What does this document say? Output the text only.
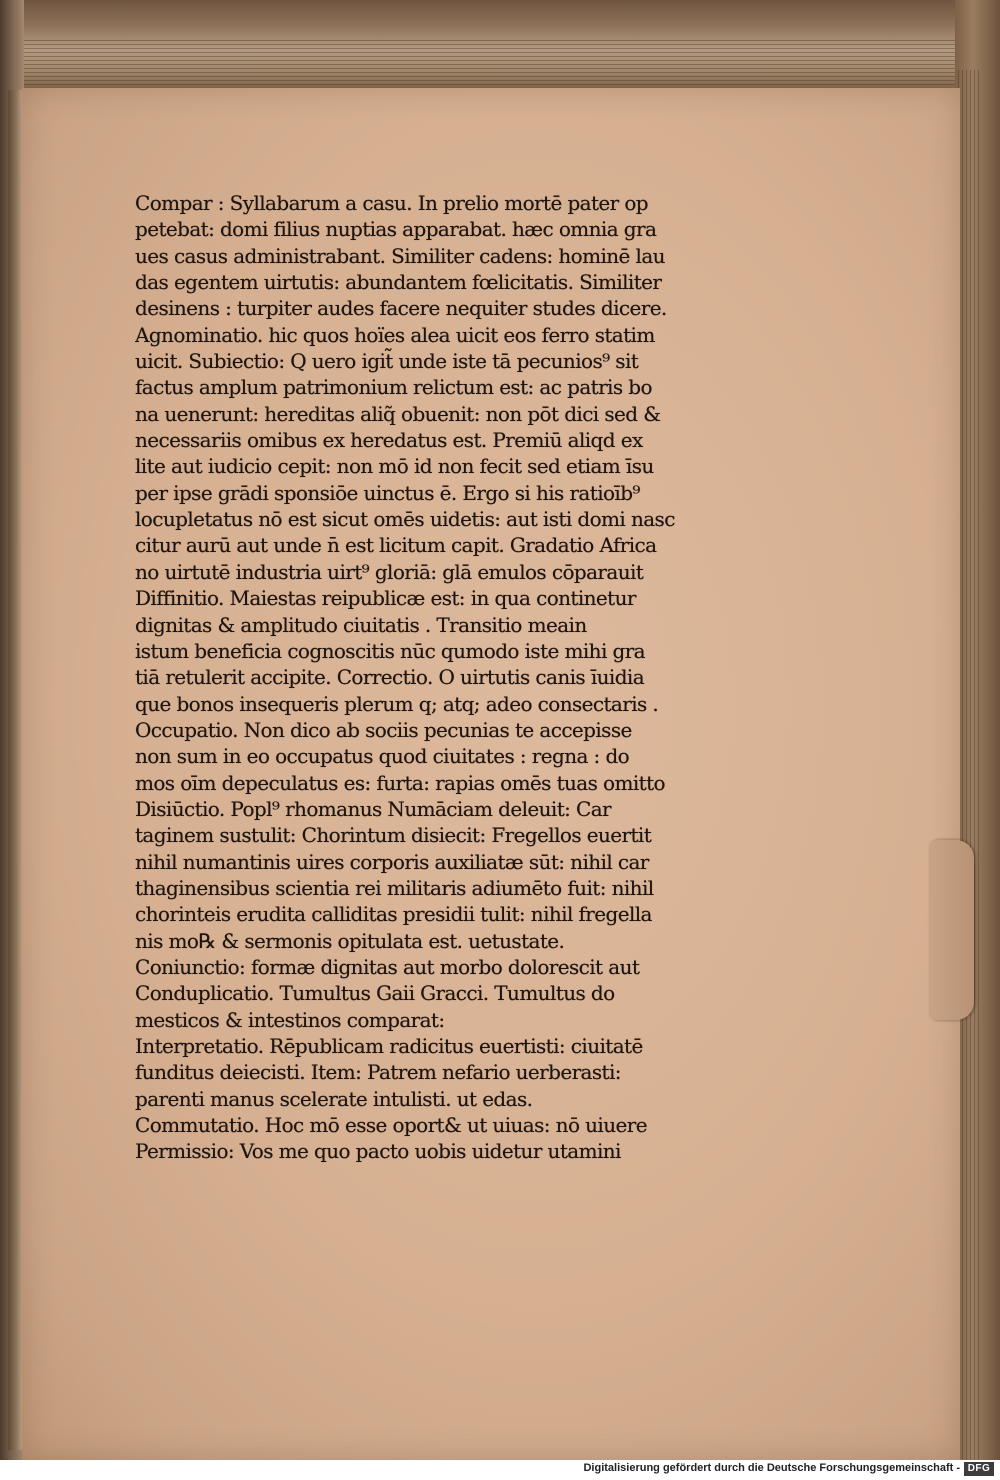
Compar : Syllabarum a casu. In prelio mortē pater op
petebat: domi filius nuptias apparabat. hæc omnia gra
ues casus administrabant. Similiter cadens: hominē lau
das egentem uirtutis: abundantem fœlicitatis. Similiter
desinens : turpiter audes facere nequiter studes dicere.
Agnominatio. hic quos hoïes alea uicit eos ferro statim
uicit. Subiectio: Q uero igit̃ unde iste tā pecunios⁹ sit
factus amplum patrimonium relictum est: ac patris bo
na uenerunt: hereditas aliq̃ obuenit: non pōt dici sed &
necessariis omibus ex heredatus est. Premiū aliqd ex
lite aut iudicio cepit: non mō id non fecit sed etiam īsu
per ipse grādi sponsiōe uinctus ē. Ergo si his ratioīb⁹
locupletatus nō est sicut omēs uidetis: aut isti domi nasc
citur aurū aut unde n̄ est licitum capit. Gradatio Africa
no uirtutē industria uirt⁹ gloriā: glā emulos cōparauit
Diffinitio. Maiestas reipublicæ est: in qua continetur
dignitas & amplitudo ciuitatis . Transitio meain
istum beneficia cognoscitis nūc qumodo iste mihi gra
tiā retulerit accipite. Correctio. O uirtutis canis īuidia
que bonos insequeris plerum q; atq; adeo consectaris .
Occupatio. Non dico ab sociis pecunias te accepisse
non sum in eo occupatus quod ciuitates : regna : do
mos oīm depeculatus es: furta: rapias omēs tuas omitto
Disiūctio. Popl⁹ rhomanus Numāciam deleuit: Car
taginem sustulit: Chorintum disiecit: Fregellos euertit
nihil numantinis uires corporis auxiliatæ sūt: nihil car
thaginensibus scientia rei militaris adiumēto fuit: nihil
chorinteis erudita calliditas presidii tulit: nihil fregella
nis mo℞ & sermonis opitulata est. uetustate.
Coniunctio: formæ dignitas aut morbo dolorescit aut
Conduplicatio. Tumultus Gaii Gracci. Tumultus do
mesticos & intestinos comparat:
Interpretatio. Rēpublicam radicitus euertisti: ciuitatē
funditus deiecisti. Item: Patrem nefario uerberasti:
parenti manus scelerate intulisti. ut edas.
Commutatio. Hoc mō esse oport& ut uiuas: nō uiuere
Permissio: Vos me quo pacto uobis uidetur utamini
Digitalisierung gefördert durch die Deutsche Forschungsgemeinschaft - DFG
